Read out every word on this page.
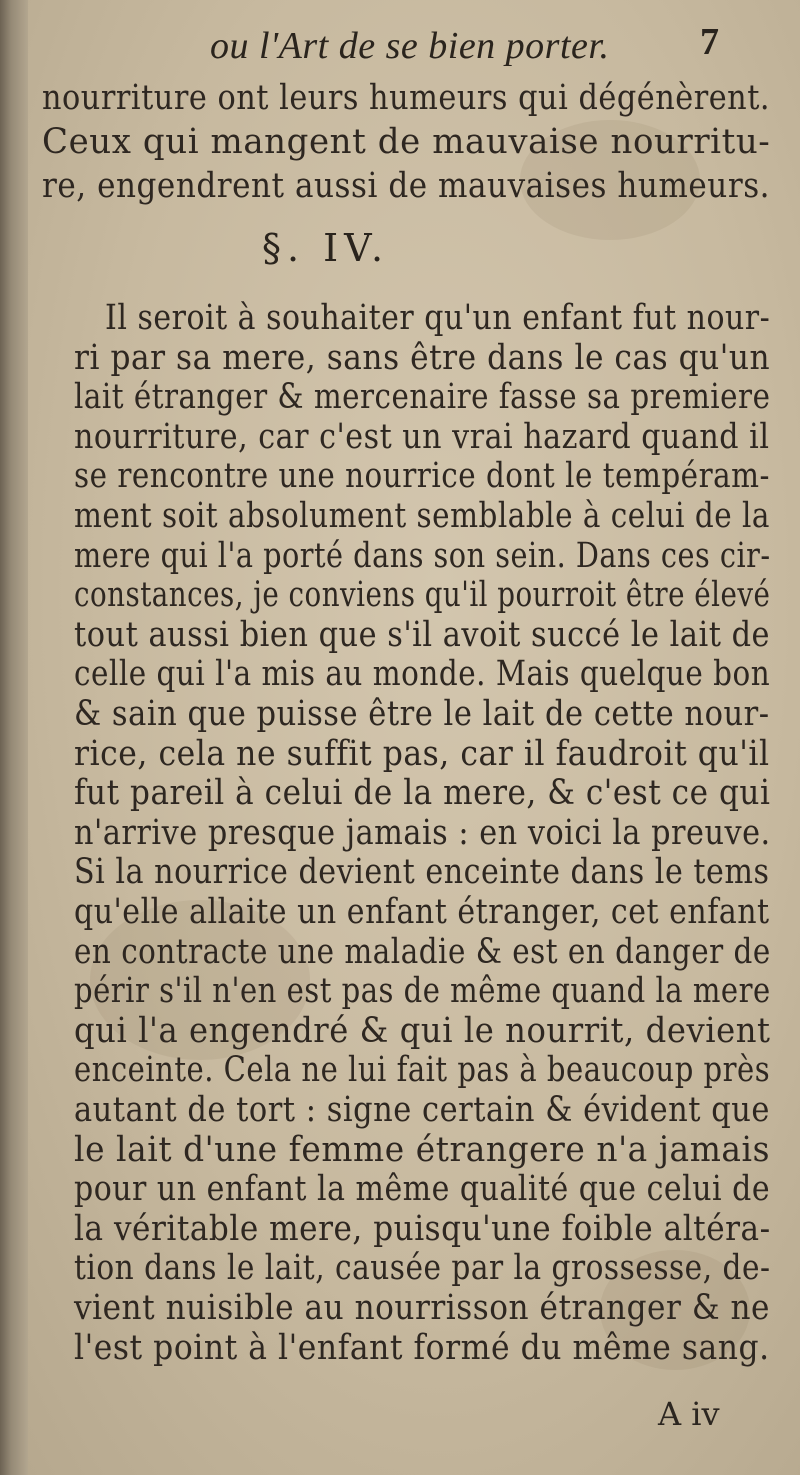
ou l'Art de se bien porter. 7
nourriture ont leurs humeurs qui dégénèrent.
Ceux qui mangent de mauvaise nourritu-
re, engendrent aussi de mauvaises humeurs.
§. IV.
Il seroit à souhaiter qu'un enfant fut nour-
ri par sa mere, sans être dans le cas qu'un
lait étranger & mercenaire fasse sa premiere
nourriture, car c'est un vrai hazard quand il
se rencontre une nourrice dont le tempéram-
ment soit absolument semblable à celui de la
mere qui l'a porté dans son sein. Dans ces cir-
constances, je conviens qu'il pourroit être élevé
tout aussi bien que s'il avoit succé le lait de
celle qui l'a mis au monde. Mais quelque bon
& sain que puisse être le lait de cette nour-
rice, cela ne suffit pas, car il faudroit qu'il
fut pareil à celui de la mere, & c'est ce qui
n'arrive presque jamais : en voici la preuve.
Si la nourrice devient enceinte dans le tems
qu'elle allaite un enfant étranger, cet enfant
en contracte une maladie & est en danger de
périr s'il n'en est pas de même quand la mere
qui l'a engendré & qui le nourrit, devient
enceinte. Cela ne lui fait pas à beaucoup près
autant de tort : signe certain & évident que
le lait d'une femme étrangere n'a jamais
pour un enfant la même qualité que celui de
la véritable mere, puisqu'une foible altéra-
tion dans le lait, causée par la grossesse, de-
vient nuisible au nourrisson étranger & ne
l'est point à l'enfant formé du même sang.
A iv
